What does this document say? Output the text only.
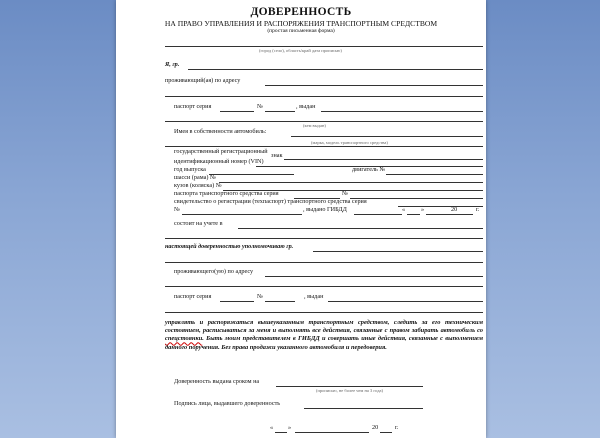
ДОВЕРЕННОСТЬ
НА ПРАВО УПРАВЛЕНИЯ И РАСПОРЯЖЕНИЯ ТРАНСПОРТНЫМ СРЕДСТВОМ
(простая письменная форма)
(город (село), область/край дата прописью)
Я, гр.
проживающий(ая) по адресу
паспорт серия	№	, выдан
(кем выдан)
Имея в собственности автомобиль:
(марка, модель транспортного средства)
государственный регистрационный
знак
идентификационный номер (VIN)
год выпуска	двигатель №
шасси (рама) №
кузов (коляска) №
паспорта транспортного средства серия	№
свидетельство о регистрации (техпаспорт) транспортного средства серия
№	, выдано ГИБДД	«	»	20	г.
состоит на учете в
настоящей доверенностью уполномочиваю гр.
проживающего(ую) по адресу
паспорт серия	№	, выдан
управлять и распоряжаться вышеуказанным транспортным средством, следить за его техническим состоянием, расписываться за меня и выполнять все действия, связанные с правом забирать автомобиль со спецстоянки. Быть моим представителем в ГИБДД и совершать иные действия, связанные с выполнением данного поручения. Без права продажи указанного автомобиля и передоверия.
Доверенность выдана сроком на
(прописью, не более чем на 3 года)
Подпись лица, выдавшего доверенность
« »	20	г.
